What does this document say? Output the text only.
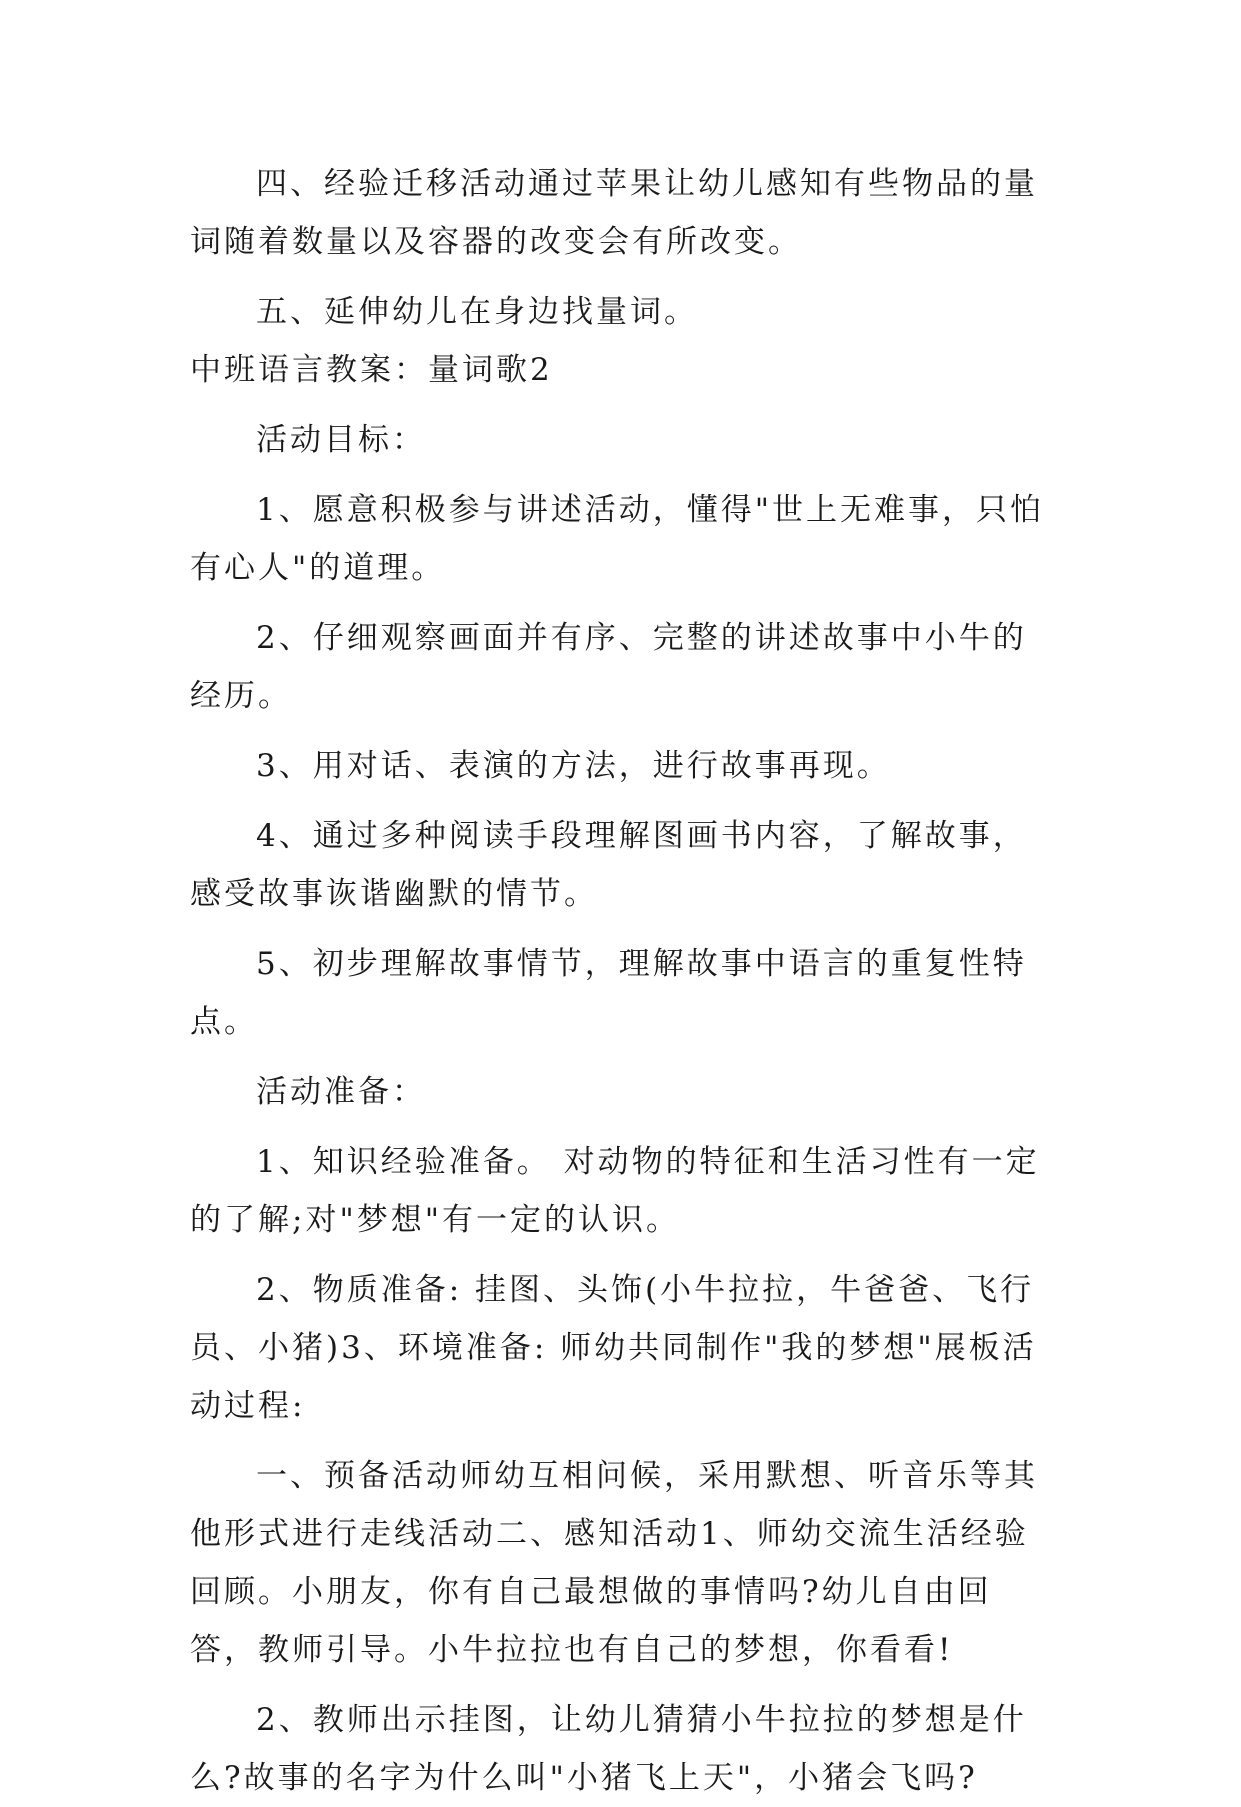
四、经验迁移活动通过苹果让幼儿感知有些物品的量词随着数量以及容器的改变会有所改变。

五、延伸幼儿在身边找量词。

中班语言教案：量词歌2

活动目标：

1、愿意积极参与讲述活动，懂得"世上无难事，只怕有心人"的道理。

2、仔细观察画面并有序、完整的讲述故事中小牛的经历。

3、用对话、表演的方法，进行故事再现。

4、通过多种阅读手段理解图画书内容，了解故事，感受故事诙谐幽默的情节。

5、初步理解故事情节，理解故事中语言的重复性特点。

活动准备：

1、知识经验准备。 对动物的特征和生活习性有一定的了解;对"梦想"有一定的认识。

2、物质准备: 挂图、头饰(小牛拉拉，牛爸爸、飞行员、小猪)3、环境准备: 师幼共同制作"我的梦想"展板活动过程:

一、预备活动师幼互相问候，采用默想、听音乐等其他形式进行走线活动二、感知活动1、师幼交流生活经验回顾。小朋友，你有自己最想做的事情吗?幼儿自由回答，教师引导。小牛拉拉也有自己的梦想，你看看!

2、教师出示挂图，让幼儿猜猜小牛拉拉的梦想是什么?故事的名字为什么叫"小猪飞上天"，小猪会飞吗?
